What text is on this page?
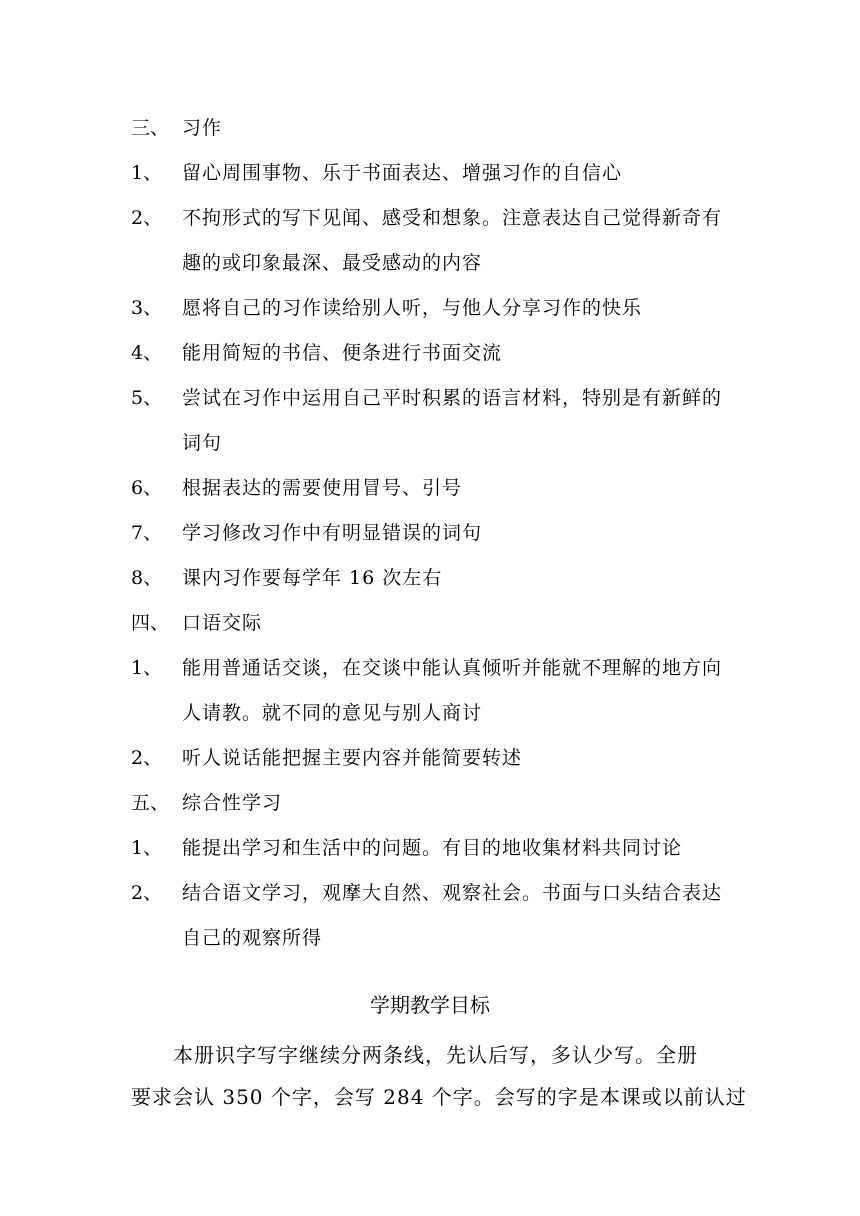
三、 习作
1、 留心周围事物、乐于书面表达、增强习作的自信心
2、 不拘形式的写下见闻、感受和想象。注意表达自己觉得新奇有
趣的或印象最深、最受感动的内容
3、 愿将自己的习作读给别人听，与他人分享习作的快乐
4、 能用简短的书信、便条进行书面交流
5、 尝试在习作中运用自己平时积累的语言材料，特别是有新鲜的
词句
6、 根据表达的需要使用冒号、引号
7、 学习修改习作中有明显错误的词句
8、 课内习作要每学年 16 次左右
四、 口语交际
1、 能用普通话交谈，在交谈中能认真倾听并能就不理解的地方向
人请教。就不同的意见与别人商讨
2、 听人说话能把握主要内容并能简要转述
五、 综合性学习
1、 能提出学习和生活中的问题。有目的地收集材料共同讨论
2、 结合语文学习，观摩大自然、观察社会。书面与口头结合表达
自己的观察所得
学期教学目标
　　本册识字写字继续分两条线，先认后写，多认少写。全册
要求会认 350 个字，会写 284 个字。会写的字是本课或以前认过
